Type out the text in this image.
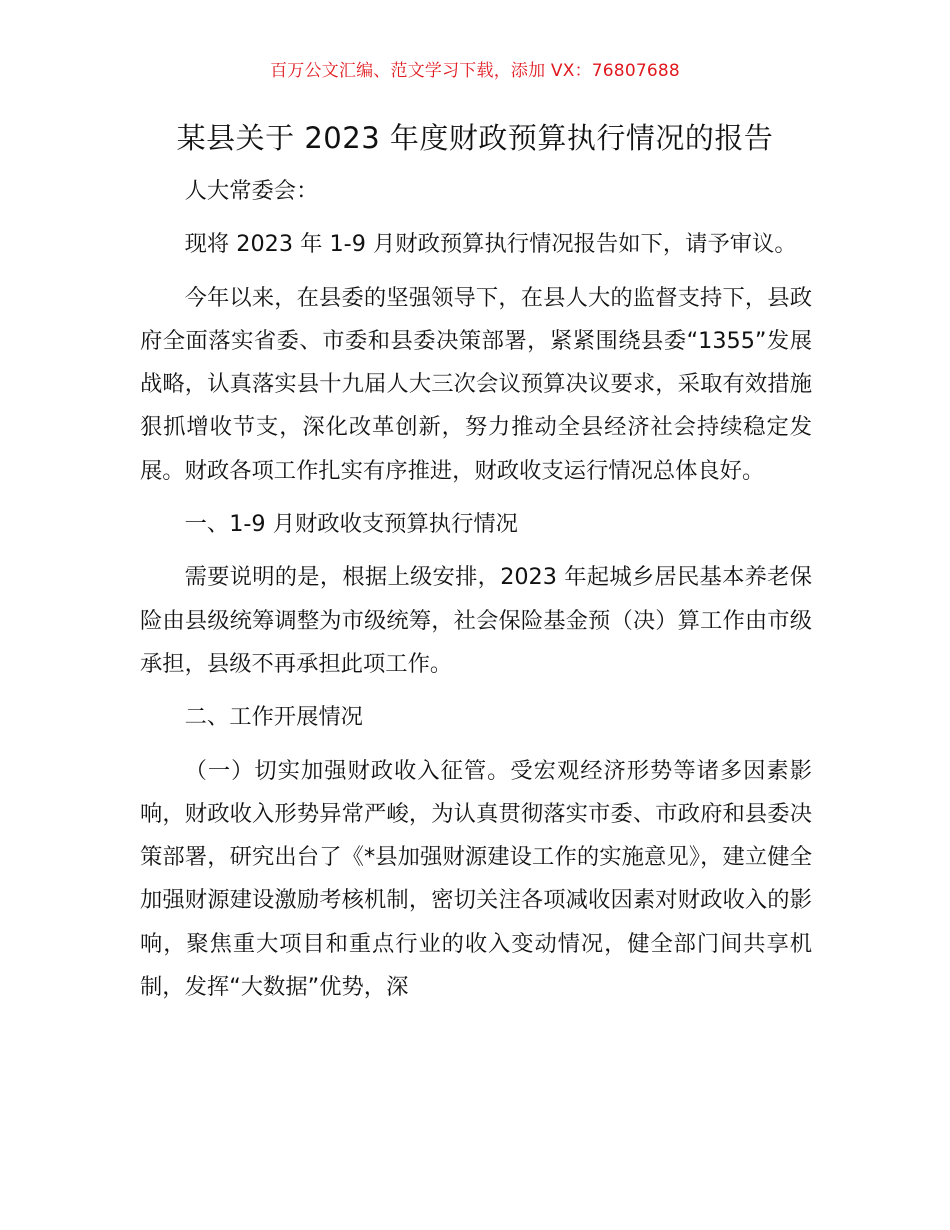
百万公文汇编、范文学习下载，添加 VX：76807688
某县关于 2023 年度财政预算执行情况的报告

人大常委会：

现将 2023 年 1-9 月财政预算执行情况报告如下，请予审议。

今年以来，在县委的坚强领导下，在县人大的监督支持下，县政府全面落实省委、市委和县委决策部署，紧紧围绕县委“1355”发展战略，认真落实县十九届人大三次会议预算决议要求，采取有效措施狠抓增收节支，深化改革创新，努力推动全县经济社会持续稳定发展。财政各项工作扎实有序推进，财政收支运行情况总体良好。

一、1-9 月财政收支预算执行情况

需要说明的是，根据上级安排，2023 年起城乡居民基本养老保险由县级统筹调整为市级统筹，社会保险基金预（决）算工作由市级承担，县级不再承担此项工作。

二、工作开展情况

（一）切实加强财政收入征管。受宏观经济形势等诸多因素影响，财政收入形势异常严峻，为认真贯彻落实市委、市政府和县委决策部署，研究出台了《*县加强财源建设工作的实施意见》，建立健全加强财源建设激励考核机制，密切关注各项减收因素对财政收入的影响，聚焦重大项目和重点行业的收入变动情况，健全部门间共享机制，发挥“大数据”优势，深
